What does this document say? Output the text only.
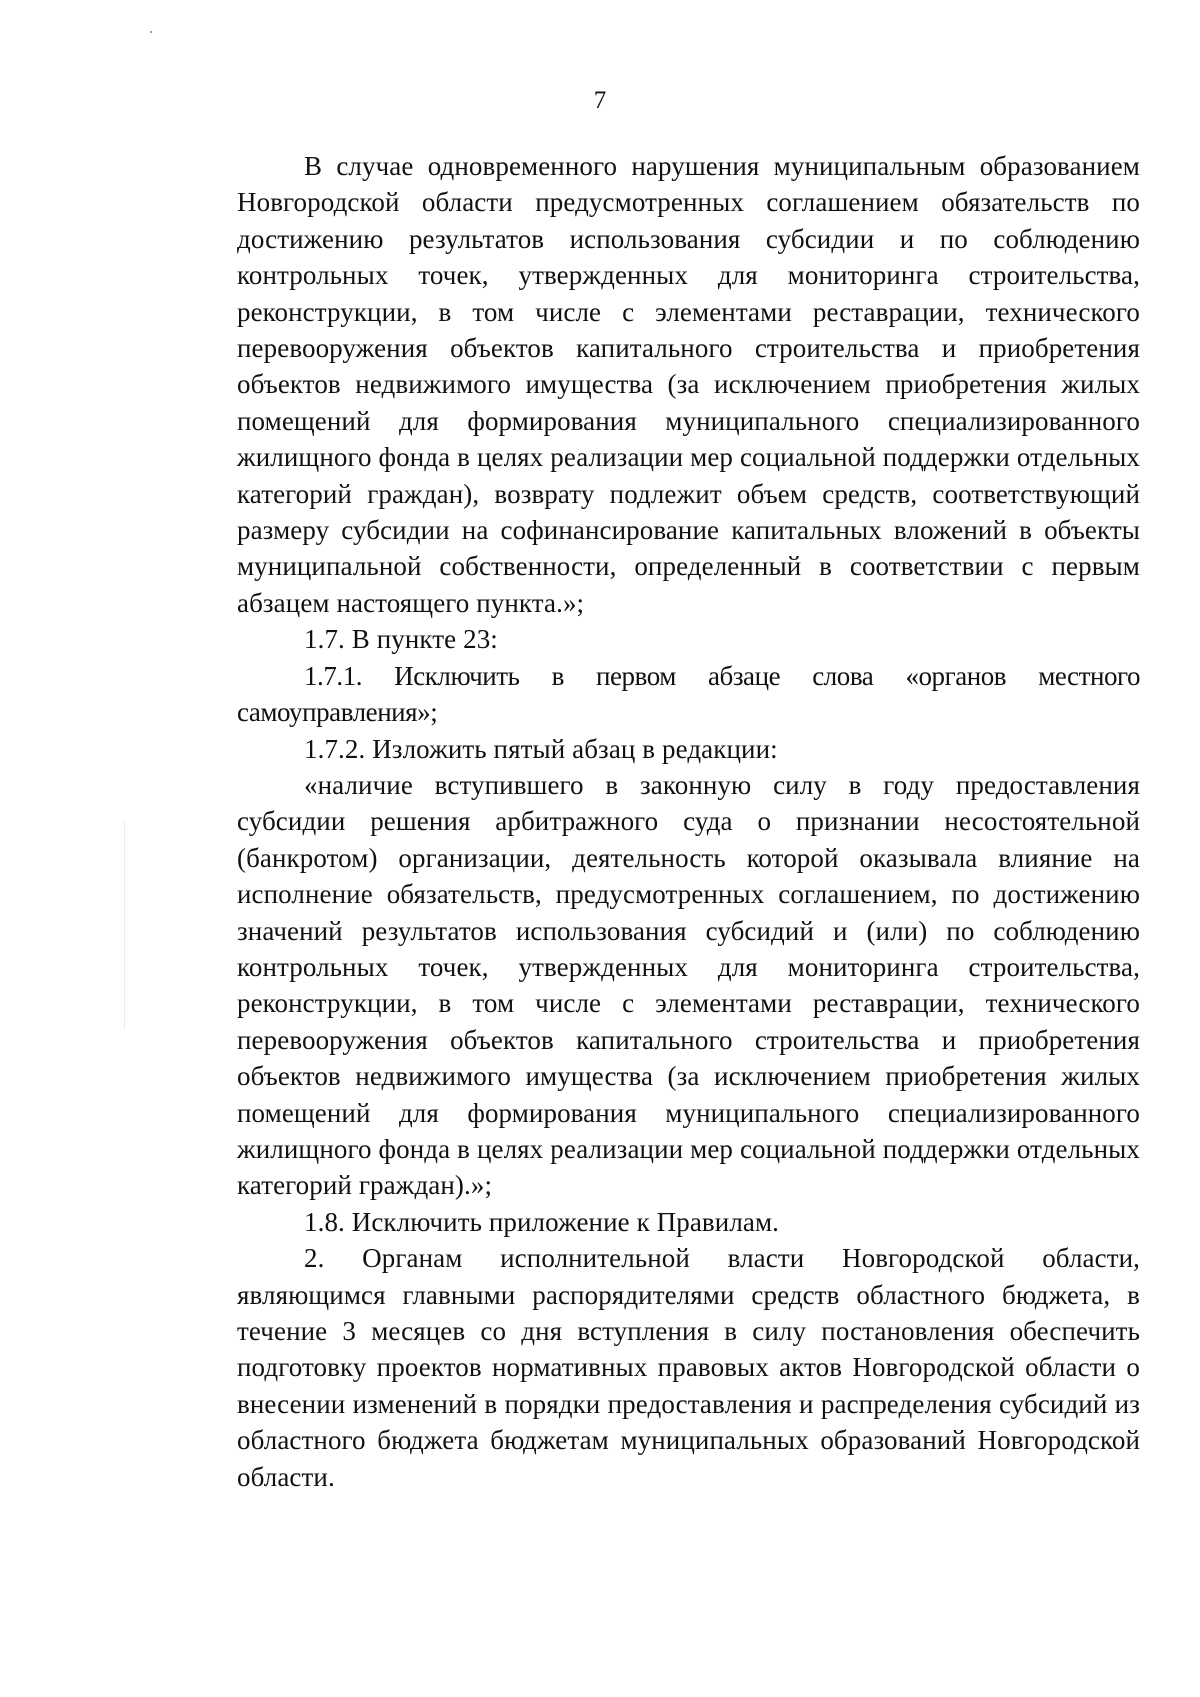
7

В случае одновременного нарушения муниципальным образованием Новгородской области предусмотренных соглашением обязательств по достижению результатов использования субсидии и по соблюдению контрольных точек, утвержденных для мониторинга строительства, реконструкции, в том числе с элементами реставрации, технического перевооружения объектов капитального строительства и приобретения объектов недвижимого имущества (за исключением приобретения жилых помещений для формирования муниципального специализированного жилищного фонда в целях реализации мер социальной поддержки отдельных категорий граждан), возврату подлежит объем средств, соответствующий размеру субсидии на софинансирование капитальных вложений в объекты муниципальной собственности, определенный в соответствии с первым абзацем настоящего пункта.»;

1.7. В пункте 23:

1.7.1. Исключить в первом абзаце слова «органов местного самоуправления»;

1.7.2. Изложить пятый абзац в редакции:

«наличие вступившего в законную силу в году предоставления субсидии решения арбитражного суда о признании несостоятельной (банкротом) организации, деятельность которой оказывала влияние на исполнение обязательств, предусмотренных соглашением, по достижению значений результатов использования субсидий и (или) по соблюдению контрольных точек, утвержденных для мониторинга строительства, реконструкции, в том числе с элементами реставрации, технического перевооружения объектов капитального строительства и приобретения объектов недвижимого имущества (за исключением приобретения жилых помещений для формирования муниципального специализированного жилищного фонда в целях реализации мер социальной поддержки отдельных категорий граждан).»;

1.8. Исключить приложение к Правилам.

2. Органам исполнительной власти Новгородской области, являющимся главными распорядителями средств областного бюджета, в течение 3 месяцев со дня вступления в силу постановления обеспечить подготовку проектов нормативных правовых актов Новгородской области о внесении изменений в порядки предоставления и распределения субсидий из областного бюджета бюджетам муниципальных образований Новгородской области.
